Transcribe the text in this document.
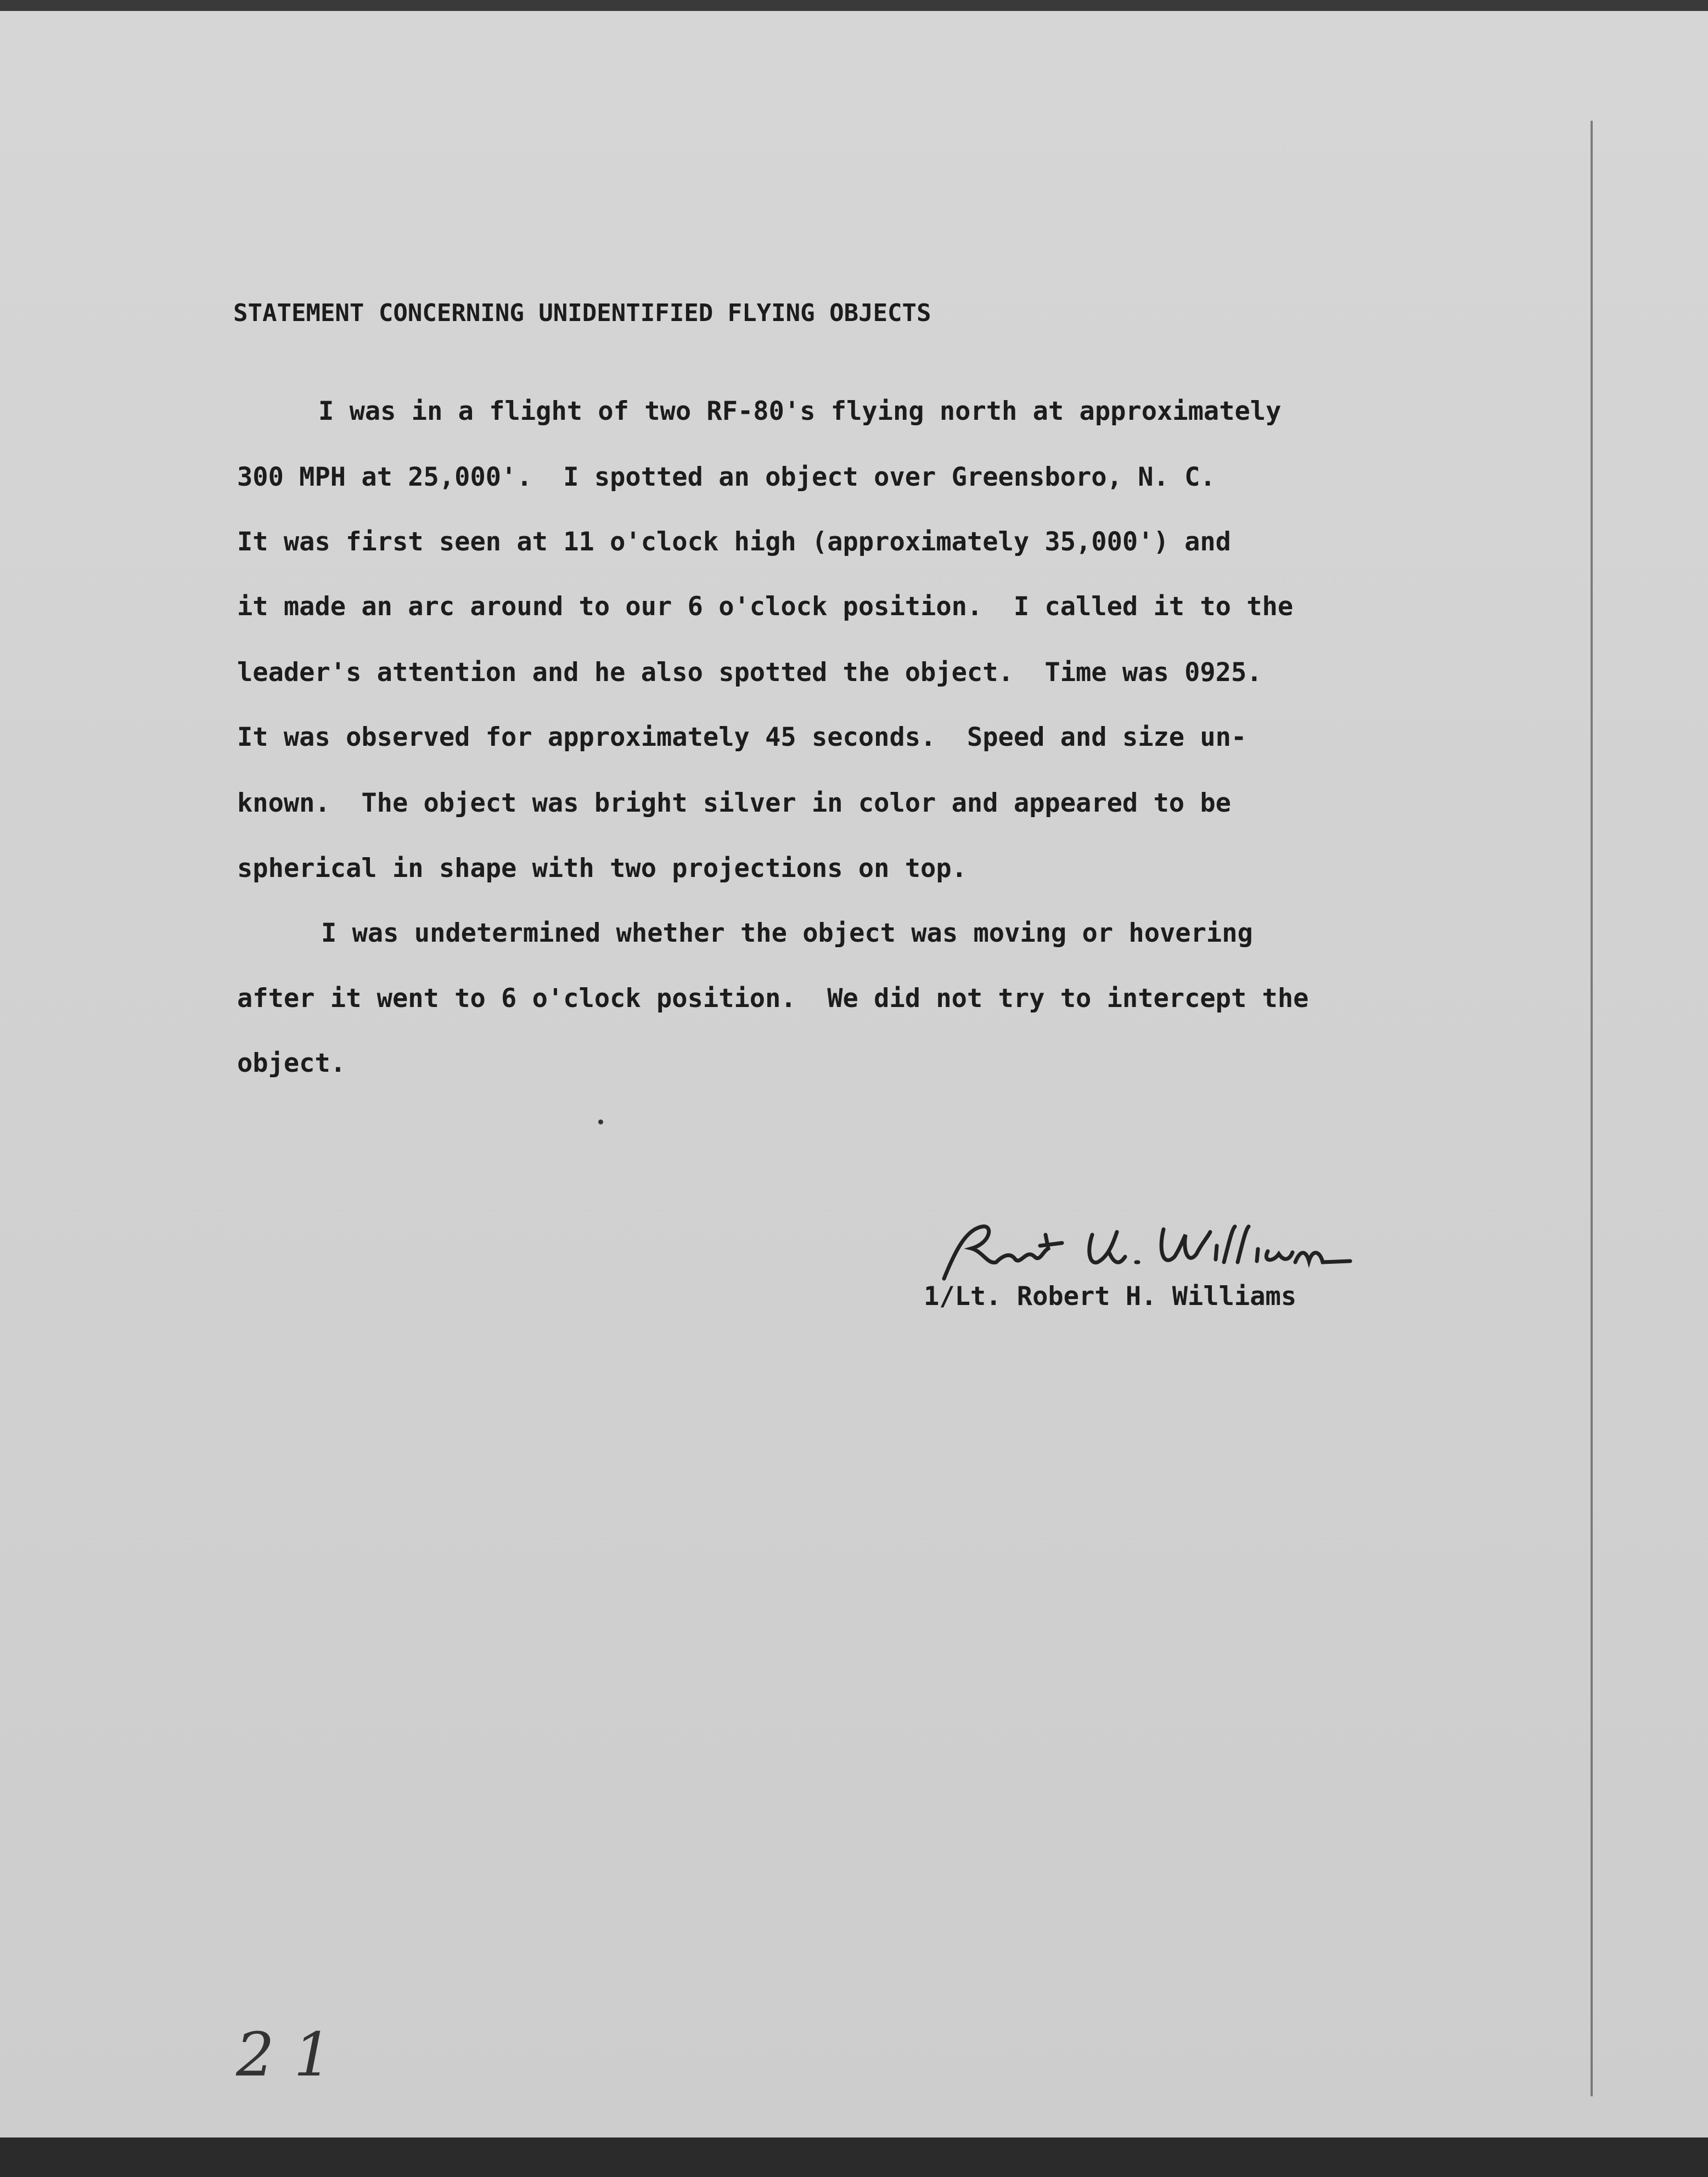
STATEMENT CONCERNING UNIDENTIFIED FLYING OBJECTS
I was in a flight of two RF-80's flying north at approximately
300 MPH at 25,000'.  I spotted an object over Greensboro, N. C.
It was first seen at 11 o'clock high (approximately 35,000') and
it made an arc around to our 6 o'clock position.  I called it to the
leader's attention and he also spotted the object.  Time was 0925.
It was observed for approximately 45 seconds.  Speed and size un-
known.  The object was bright silver in color and appeared to be
spherical in shape with two projections on top.
I was undetermined whether the object was moving or hovering
after it went to 6 o'clock position.  We did not try to intercept the
object.
1/Lt. Robert H. Williams
2 1
